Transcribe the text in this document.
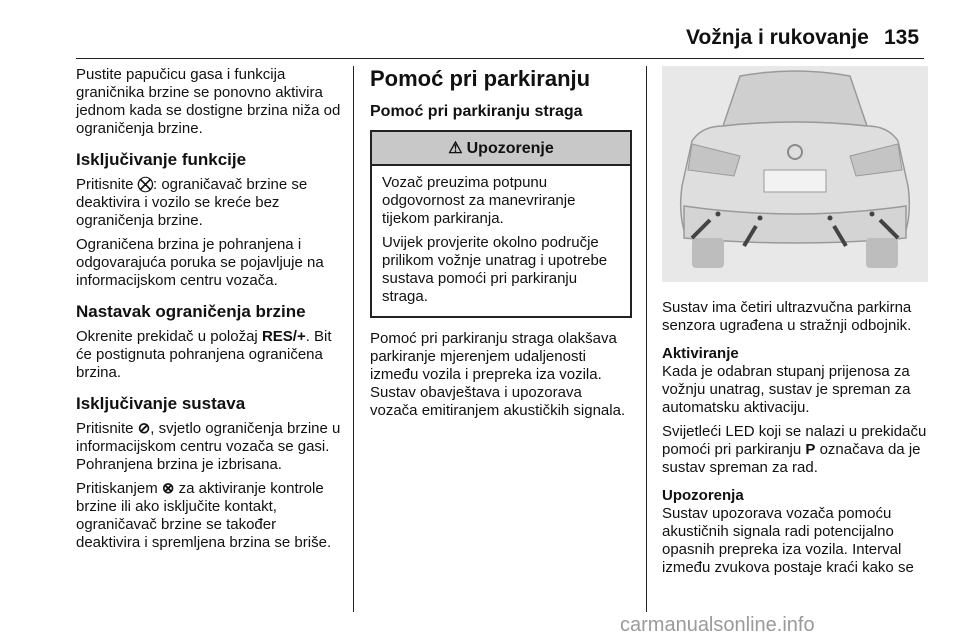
Vožnja i rukovanje 135

Pustite papučicu gasa i funkcija graničnika brzine se ponovno aktivira jednom kada se dostigne brzina niža od ograničenja brzine.

Isključivanje funkcije

Pritisnite ⛒: ograničavač brzine se deaktivira i vozilo se kreće bez ograničenja brzine.

Ograničena brzina je pohranjena i odgovarajuća poruka se pojavljuje na informacijskom centru vozača.

Nastavak ograničenja brzine

Okrenite prekidač u položaj RES/+. Bit će postignuta pohranjena ograničena brzina.

Isključivanje sustava

Pritisnite ⊘, svjetlo ograničenja brzine u informacijskom centru vozača se gasi. Pohranjena brzina je izbrisana.

Pritiskanjem ⊗ za aktiviranje kontrole brzine ili ako isključite kontakt, ograničavač brzine se također deaktivira i spremljena brzina se briše.

Pomoć pri parkiranju
Pomoć pri parkiranju straga
⚠ Upozorenje

Vozač preuzima potpunu odgovornost za manevriranje tijekom parkiranja.

Uvijek provjerite okolno područje prilikom vožnje unatrag i upotrebe sustava pomoći pri parkiranju straga.

Pomoć pri parkiranju straga olakšava parkiranje mjerenjem udaljenosti između vozila i prepreka iza vozila. Sustav obavještava i upozorava vozača emitiranjem akustičkih signala.

Sustav ima četiri ultrazvučna parkirna senzora ugrađena u stražnji odbojnik.

Aktiviranje

Kada je odabran stupanj prijenosa za vožnju unatrag, sustav je spreman za automatsku aktivaciju.

Svijetleći LED koji se nalazi u prekidaču pomoći pri parkiranju P označava da je sustav spreman za rad.

Upozorenja

Sustav upozorava vozača pomoću akustičnih signala radi potencijalno opasnih prepreka iza vozila. Interval između zvukova postaje kraći kako se

carmanualsonline.info
